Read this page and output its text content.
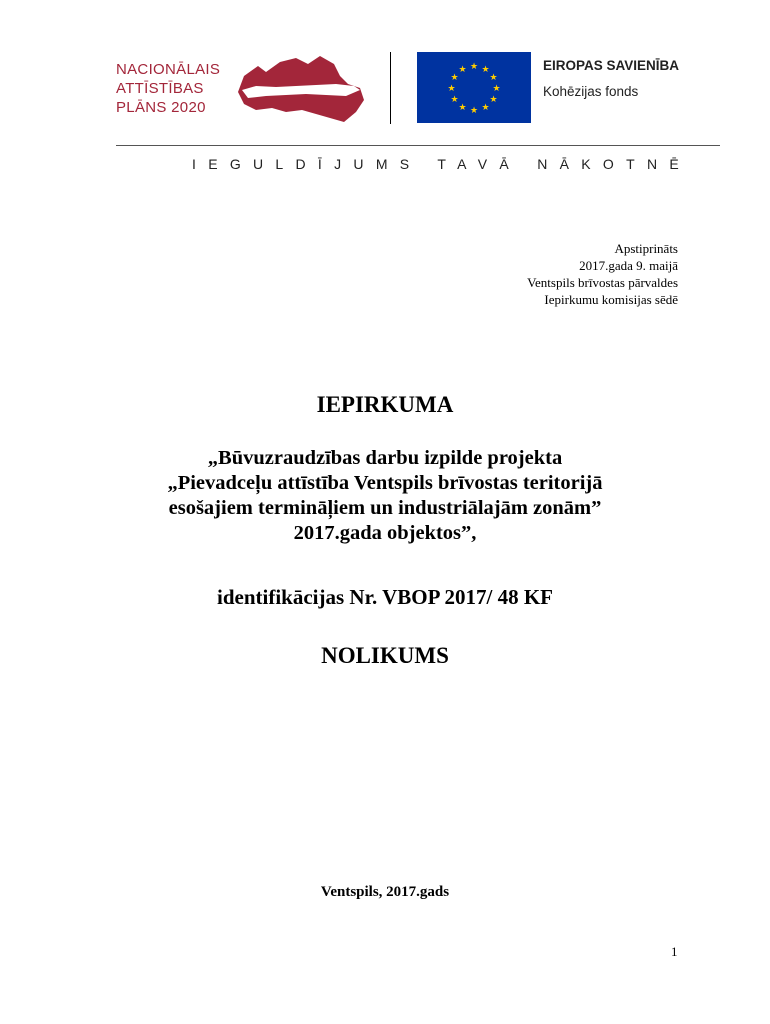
NACIONĀLAIS
ATTĪSTĪBAS
PLĀNS 2020
★ ★
★
★
★
★
★
★
★
★
★
★	EIROPAS SAVIENĪBA
Kohēzijas fonds
IEGULDĪJUMS TAVĀ NĀKOTNĒ
Apstiprināts
2017.gada 9. maijā
Ventspils brīvostas pārvaldes
Iepirkumu komisijas sēdē
IEPIRKUMA
„Būvuzraudzības darbu izpilde projekta
„Pievadceļu attīstība Ventspils brīvostas teritorijā
esošajiem termināļiem un industriālajām zonām”
2017.gada objektos”,
identifikācijas Nr. VBOP 2017/ 48 KF
NOLIKUMS
Ventspils, 2017.gads
1
